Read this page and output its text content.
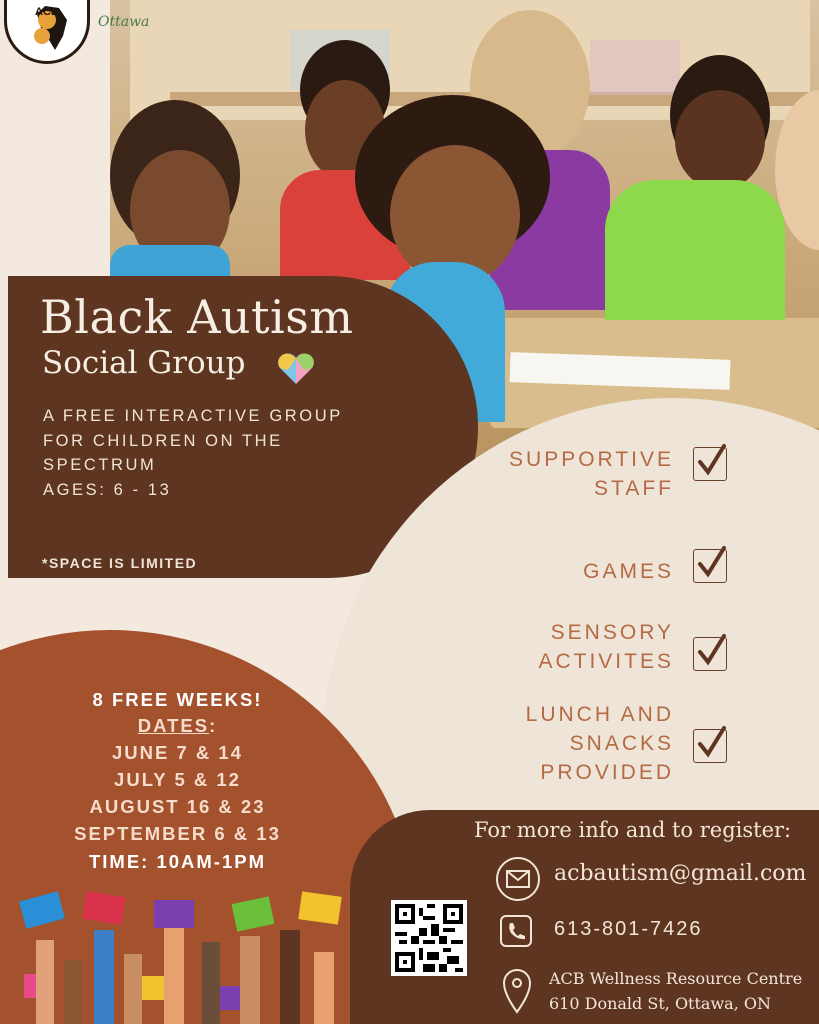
ACB
Ottawa
Black Autism
Social Group
A FREE INTERACTIVE GROUP
FOR CHILDREN ON THE
SPECTRUM
AGES: 6 - 13
*SPACE IS LIMITED
SUPPORTIVE
STAFF
GAMES
SENSORY
ACTIVITES
LUNCH AND
SNACKS
PROVIDED
8 FREE WEEKS!
DATES:
JUNE 7 & 14
JULY 5 & 12
AUGUST 16 & 23
SEPTEMBER 6 & 13
TIME: 10AM-1PM
For more info and to register:
acbautism@gmail.com
613-801-7426
ACB Wellness Resource Centre
610 Donald St, Ottawa, ON
